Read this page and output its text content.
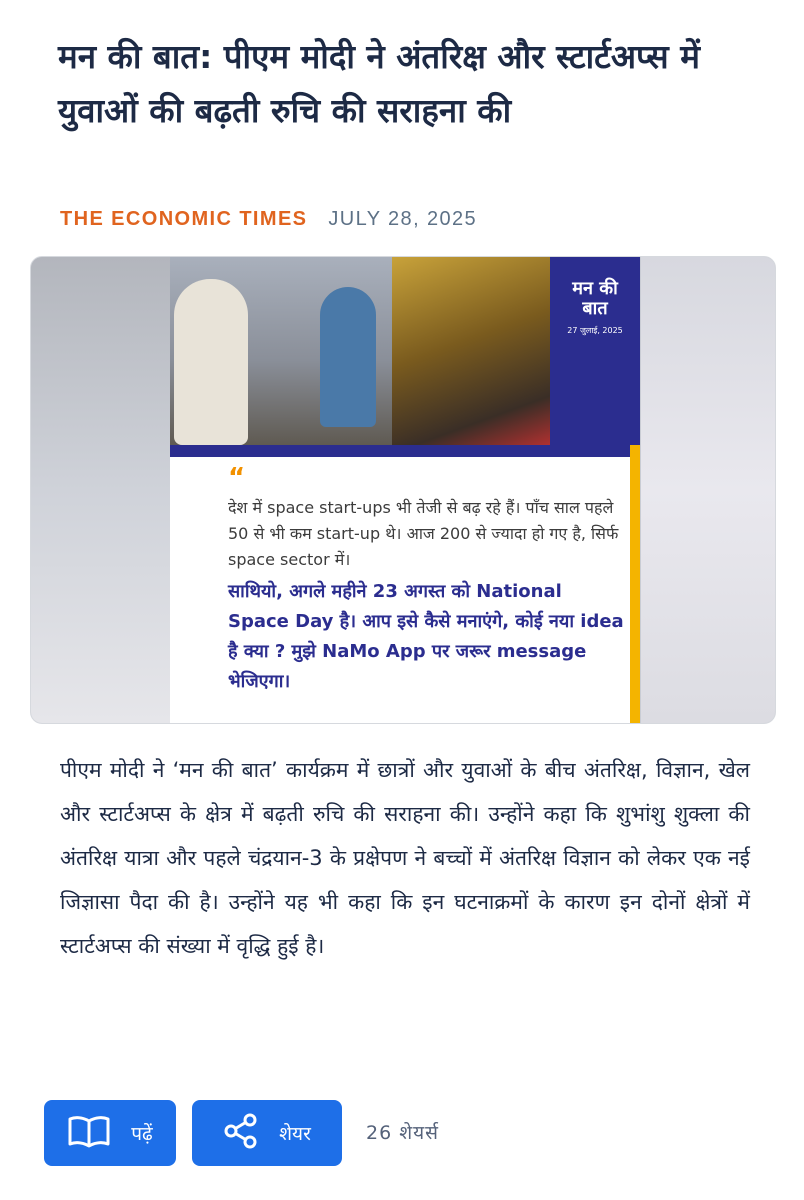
मन की बात: पीएम मोदी ने अंतरिक्ष और स्टार्टअप्स में युवाओं की बढ़ती रुचि की सराहना की
THE ECONOMIC TIMES JULY 28, 2025
मन की
बात
27 जुलाई, 2025
“

देश में space start-ups भी तेजी से बढ़ रहे हैं। पाँच साल पहले 50 से भी कम start-up थे। आज 200 से ज्यादा हो गए है, सिर्फ space sector में।

साथियो, अगले महीने 23 अगस्त को National Space Day है। आप इसे कैसे मनाएंगे, कोई नया idea है क्या ? मुझे NaMo App पर जरूर message भेजिएगा।

पीएम मोदी ने ‘मन की बात’ कार्यक्रम में छात्रों और युवाओं के बीच अंतरिक्ष, विज्ञान, खेल और स्टार्टअप्स के क्षेत्र में बढ़ती रुचि की सराहना की। उन्होंने कहा कि शुभांशु शुक्ला की अंतरिक्ष यात्रा और पहले चंद्रयान-3 के प्रक्षेपण ने बच्चों में अंतरिक्ष विज्ञान को लेकर एक नई जिज्ञासा पैदा की है। उन्होंने यह भी कहा कि इन घटनाक्रमों के कारण इन दोनों क्षेत्रों में स्टार्टअप्स की संख्या में वृद्धि हुई है।

पढ़ें	शेयर	26 शेयर्स
